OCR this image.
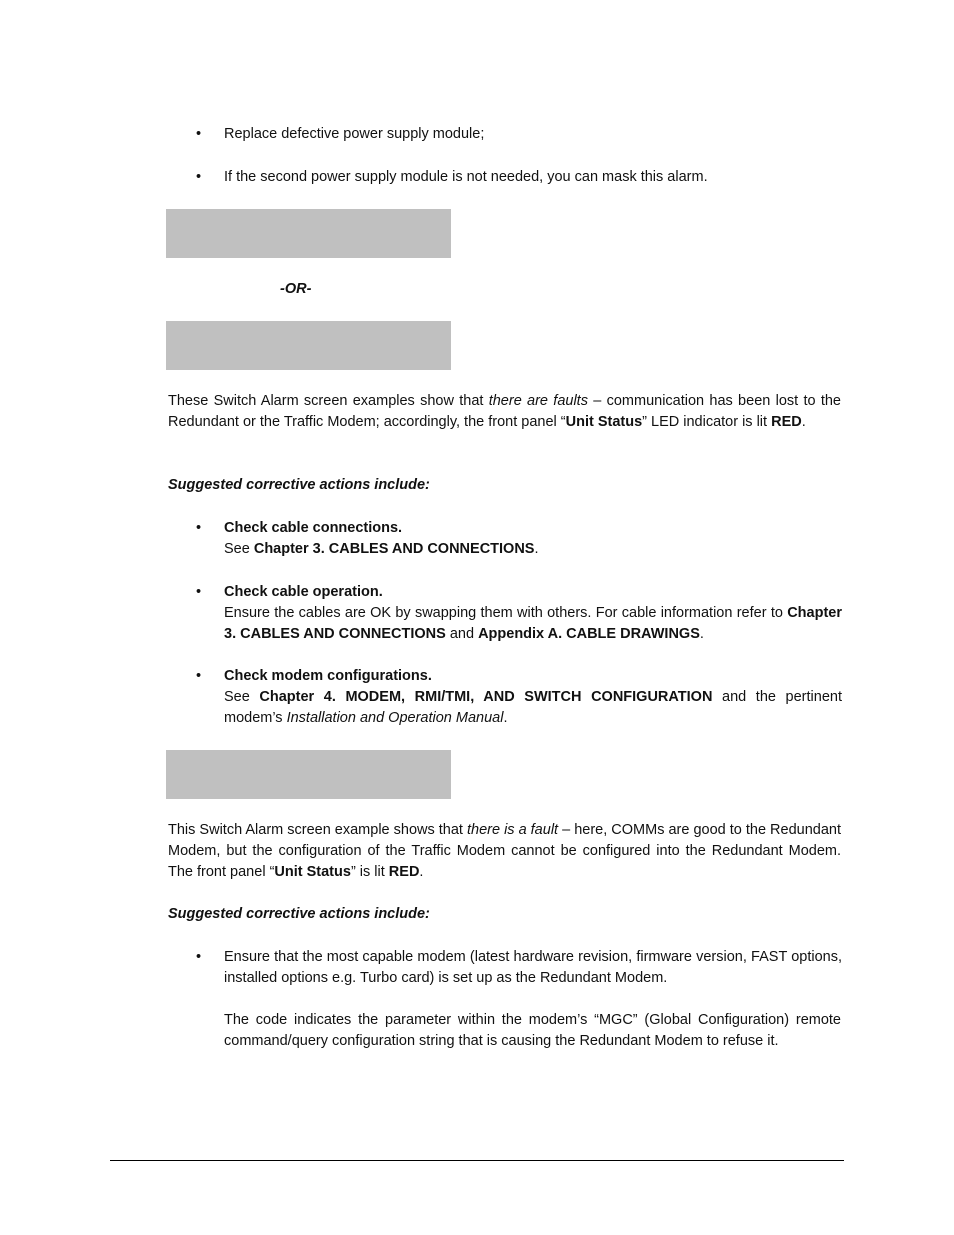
•	Replace defective power supply module;
•	If the second power supply module is not needed, you can mask this alarm.
-OR-

These Switch Alarm screen examples show that there are faults – communication has been lost to the Redundant or the Traffic Modem; accordingly, the front panel “Unit Status” LED indicator is lit RED.

Suggested corrective actions include:
•	Check cable connections.
See Chapter 3. CABLES AND CONNECTIONS.
•	Check cable operation.
Ensure the cables are OK by swapping them with others. For cable information refer to Chapter 3. CABLES AND CONNECTIONS and Appendix A. CABLE DRAWINGS.
•	Check modem configurations.
See Chapter 4. MODEM, RMI/TMI, AND SWITCH CONFIGURATION and the pertinent modem’s Installation and Operation Manual.

This Switch Alarm screen example shows that there is a fault – here, COMMs are good to the Redundant Modem, but the configuration of the Traffic Modem cannot be configured into the Redundant Modem. The front panel “Unit Status” is lit RED.

Suggested corrective actions include:
•	Ensure that the most capable modem (latest hardware revision, firmware version, FAST options, installed options e.g. Turbo card) is set up as the Redundant Modem.

The code indicates the parameter within the modem’s “MGC” (Global Configuration) remote command/query configuration string that is causing the Redundant Modem to refuse it.
